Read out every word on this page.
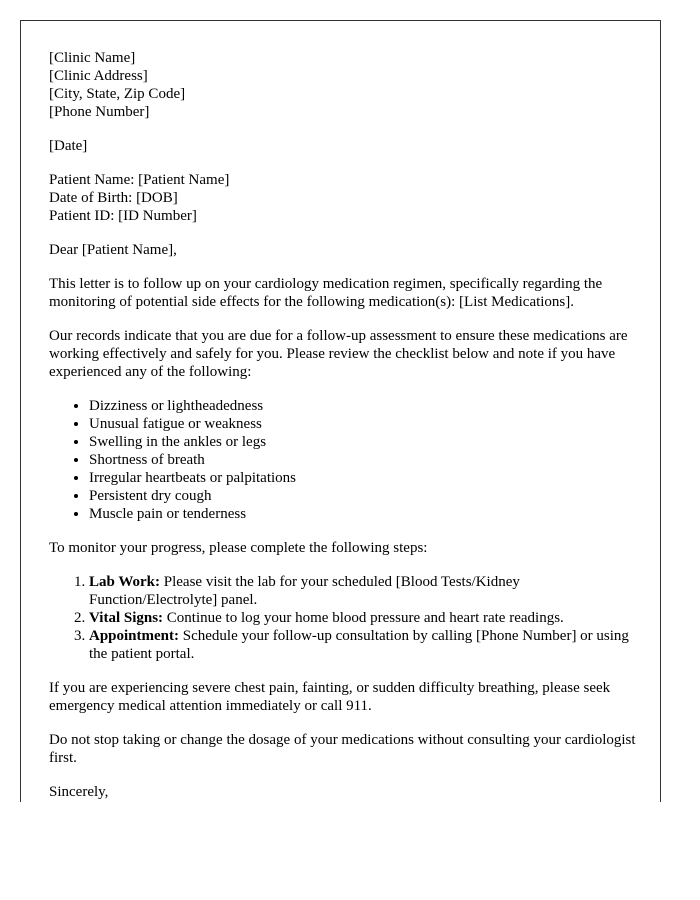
[Clinic Name]
[Clinic Address]
[City, State, Zip Code]
[Phone Number]

[Date]

Patient Name: [Patient Name]
Date of Birth: [DOB]
Patient ID: [ID Number]

Dear [Patient Name],

This letter is to follow up on your cardiology medication regimen, specifically regarding the monitoring of potential side effects for the following medication(s): [List Medications].

Our records indicate that you are due for a follow-up assessment to ensure these medications are working effectively and safely for you. Please review the checklist below and note if you have experienced any of the following:

• Dizziness or lightheadedness
• Unusual fatigue or weakness
• Swelling in the ankles or legs
• Shortness of breath
• Irregular heartbeats or palpitations
• Persistent dry cough
• Muscle pain or tenderness

To monitor your progress, please complete the following steps:

1. Lab Work: Please visit the lab for your scheduled [Blood Tests/Kidney Function/Electrolyte] panel.
2. Vital Signs: Continue to log your home blood pressure and heart rate readings.
3. Appointment: Schedule your follow-up consultation by calling [Phone Number] or using the patient portal.

If you are experiencing severe chest pain, fainting, or sudden difficulty breathing, please seek emergency medical attention immediately or call 911.

Do not stop taking or change the dosage of your medications without consulting your cardiologist first.

Sincerely,
